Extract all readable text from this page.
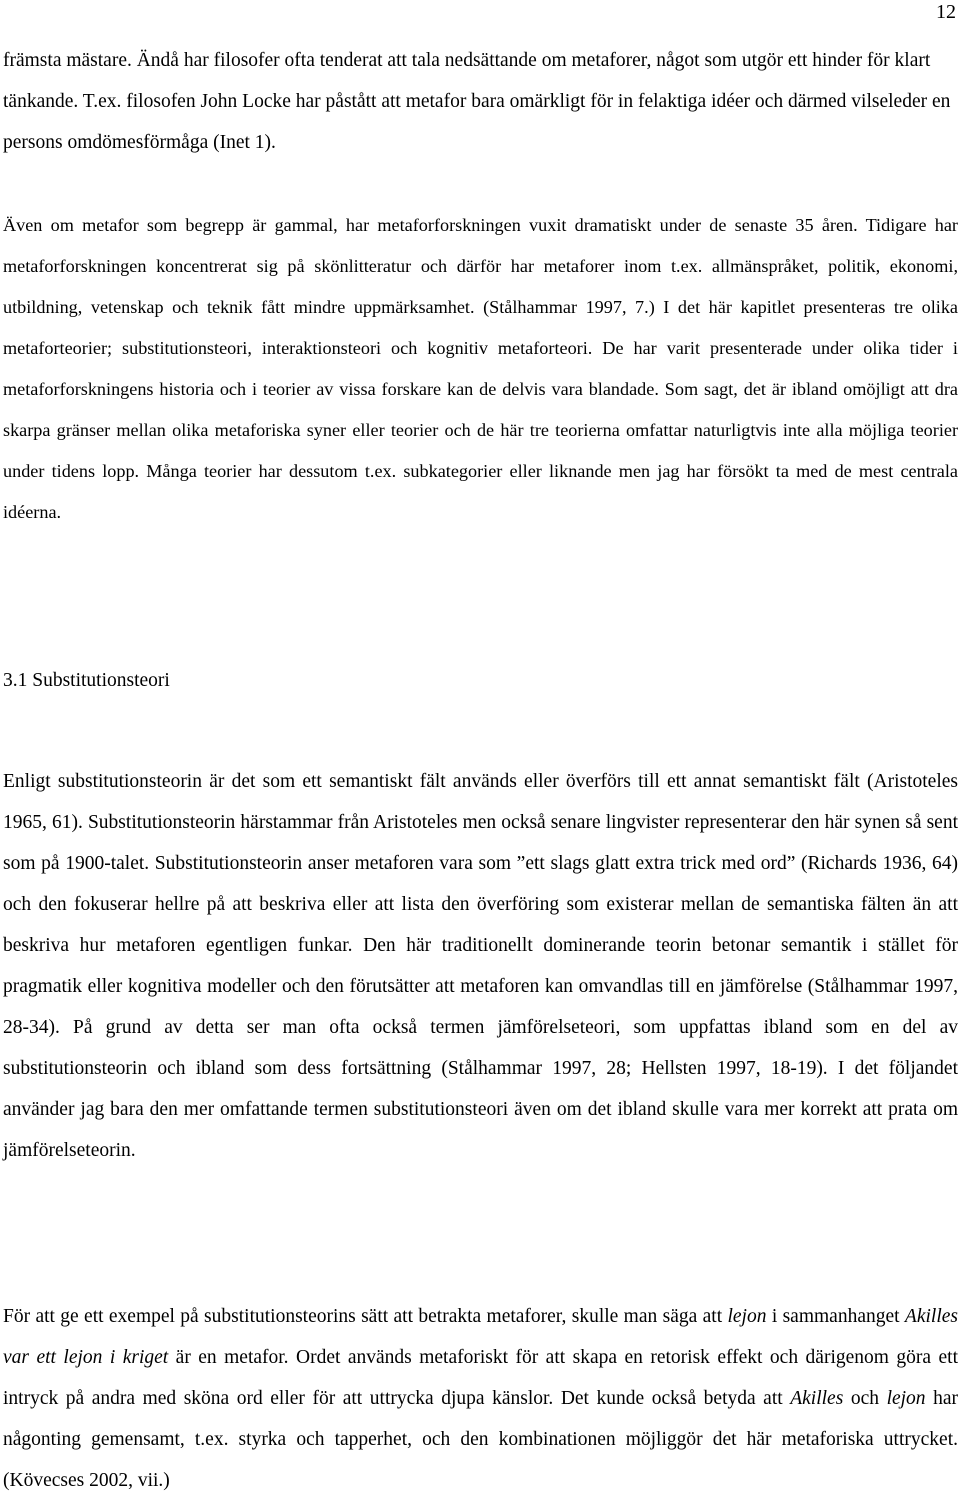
12

främsta mästare. Ändå har filosofer ofta tenderat att tala nedsättande om metaforer, något som utgör ett hinder för klart tänkande. T.ex. filosofen John Locke har påstått att metafor bara omärkligt för in felaktiga idéer och därmed vilseleder en persons omdömesförmåga (Inet 1).

Även om metafor som begrepp är gammal, har metaforforskningen vuxit dramatiskt under de senaste 35 åren. Tidigare har metaforforskningen koncentrerat sig på skönlitteratur och därför har metaforer inom t.ex. allmänspråket, politik, ekonomi, utbildning, vetenskap och teknik fått mindre uppmärksamhet. (Stålhammar 1997, 7.) I det här kapitlet presenteras tre olika metaforteorier; substitutionsteori, interaktionsteori och kognitiv metaforteori. De har varit presenterade under olika tider i metaforforskningens historia och i teorier av vissa forskare kan de delvis vara blandade. Som sagt, det är ibland omöjligt att dra skarpa gränser mellan olika metaforiska syner eller teorier och de här tre teorierna omfattar naturligtvis inte alla möjliga teorier under tidens lopp. Många teorier har dessutom t.ex. subkategorier eller liknande men jag har försökt ta med de mest centrala idéerna.

3.1 Substitutionsteori

Enligt substitutionsteorin är det som ett semantiskt fält används eller överförs till ett annat semantiskt fält (Aristoteles 1965, 61). Substitutionsteorin härstammar från Aristoteles men också senare lingvister representerar den här synen så sent som på 1900-talet. Substitutionsteorin anser metaforen vara som ”ett slags glatt extra trick med ord” (Richards 1936, 64) och den fokuserar hellre på att beskriva eller att lista den överföring som existerar mellan de semantiska fälten än att beskriva hur metaforen egentligen funkar. Den här traditionellt dominerande teorin betonar semantik i stället för pragmatik eller kognitiva modeller och den förutsätter att metaforen kan omvandlas till en jämförelse (Stålhammar 1997, 28-34). På grund av detta ser man ofta också termen jämförelseteori, som uppfattas ibland som en del av substitutionsteorin och ibland som dess fortsättning (Stålhammar 1997, 28; Hellsten 1997, 18-19). I det följandet använder jag bara den mer omfattande termen substitutionsteori även om det ibland skulle vara mer korrekt att prata om jämförelseteorin.

För att ge ett exempel på substitutionsteorins sätt att betrakta metaforer, skulle man säga att lejon i sammanhanget Akilles var ett lejon i kriget är en metafor. Ordet används metaforiskt för att skapa en retorisk effekt och därigenom göra ett intryck på andra med sköna ord eller för att uttrycka djupa känslor. Det kunde också betyda att Akilles och lejon har någonting gemensamt, t.ex. styrka och tapperhet, och den kombinationen möjliggör det här metaforiska uttrycket. (Kövecses 2002, vii.)
